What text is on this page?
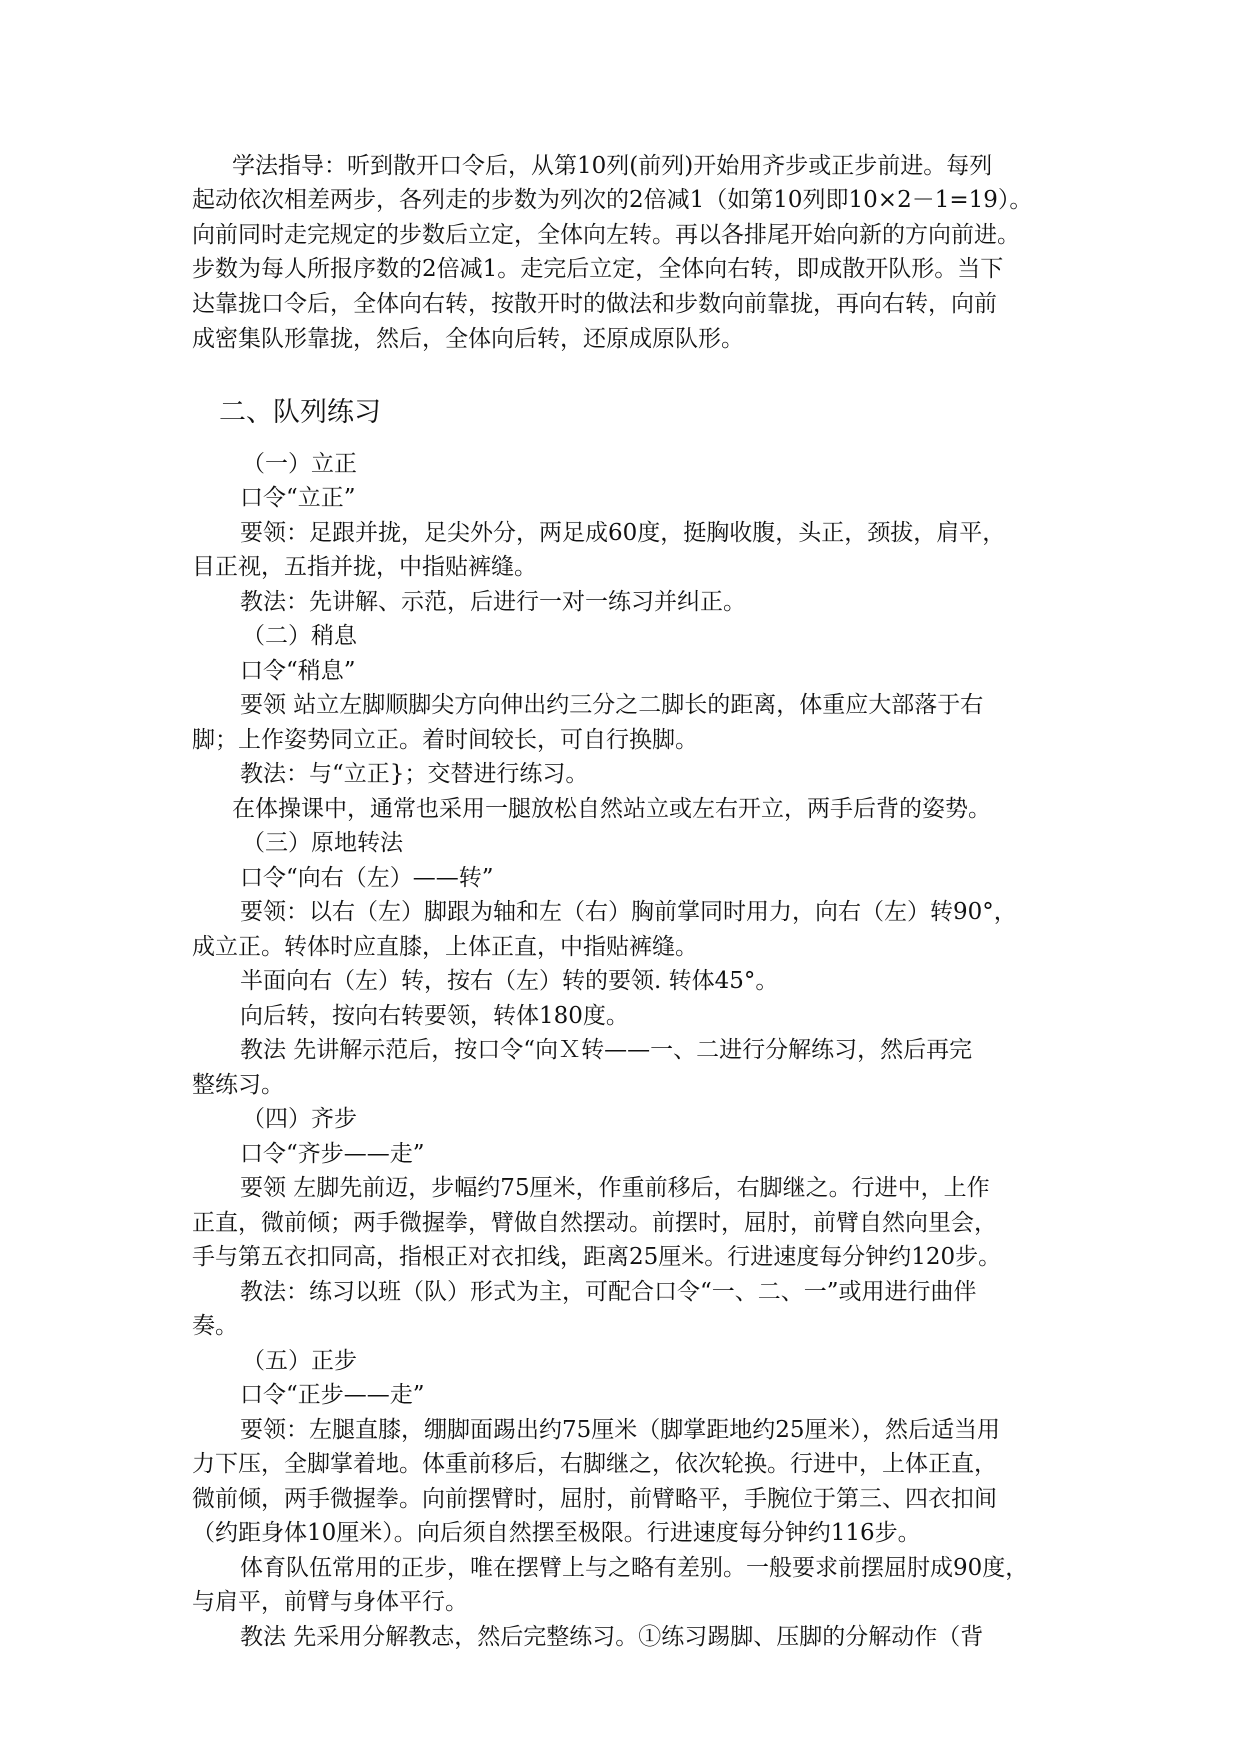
学法指导：听到散开口令后，从第10列(前列)开始用齐步或正步前进。每列
起动依次相差两步，各列走的步数为列次的2倍减1（如第10列即10×2－1=19）。
向前同时走完规定的步数后立定，全体向左转。再以各排尾开始向新的方向前进。
步数为每人所报序数的2倍减1。走完后立定，全体向右转，即成散开队形。当下
达靠拢口令后，全体向右转，按散开时的做法和步数向前靠拢，再向右转，向前
成密集队形靠拢，然后，全体向后转，还原成原队形。
二、队列练习
（一）立正
口令“立正”
要领：足跟并拢，足尖外分，两足成60度，挺胸收腹，头正，颈拔，肩平，
目正视，五指并拢，中指贴裤缝。
教法：先讲解、示范，后进行一对一练习并纠正。
（二）稍息
口令“稍息”
要领 站立左脚顺脚尖方向伸出约三分之二脚长的距离，体重应大部落于右
脚；上作姿势同立正。着时间较长，可自行换脚。
教法：与“立正}；交替进行练习。
在体操课中，通常也采用一腿放松自然站立或左右开立，两手后背的姿势。
（三）原地转法
口令“向右（左）——转”
要领：以右（左）脚跟为轴和左（右）胸前掌同时用力，向右（左）转90°，
成立正。转体时应直膝，上体正直，中指贴裤缝。
半面向右（左）转，按右（左）转的要领. 转体45°。
向后转，按向右转要领，转体180度。
教法 先讲解示范后，按口令“向Ｘ转——一、二进行分解练习，然后再完
整练习。
（四）齐步
口令“齐步——走”
要领 左脚先前迈，步幅约75厘米，作重前移后，右脚继之。行进中，上作
正直，微前倾；两手微握拳，臂做自然摆动。前摆时，屈肘，前臂自然向里会，
手与第五衣扣同高，指根正对衣扣线，距离25厘米。行进速度每分钟约120步。
教法：练习以班（队）形式为主，可配合口令“一、二、一”或用进行曲伴
奏。
（五）正步
口令“正步——走”
要领：左腿直膝，绷脚面踢出约75厘米（脚掌距地约25厘米），然后适当用
力下压，全脚掌着地。体重前移后，右脚继之，依次轮换。行进中，上体正直，
微前倾，两手微握拳。向前摆臂时，屈肘，前臂略平，手腕位于第三、四衣扣间
（约距身体10厘米）。向后须自然摆至极限。行进速度每分钟约116步。
体育队伍常用的正步，唯在摆臂上与之略有差别。一般要求前摆屈肘成90度，
与肩平，前臂与身体平行。
教法 先采用分解教志，然后完整练习。①练习踢脚、压脚的分解动作（背
